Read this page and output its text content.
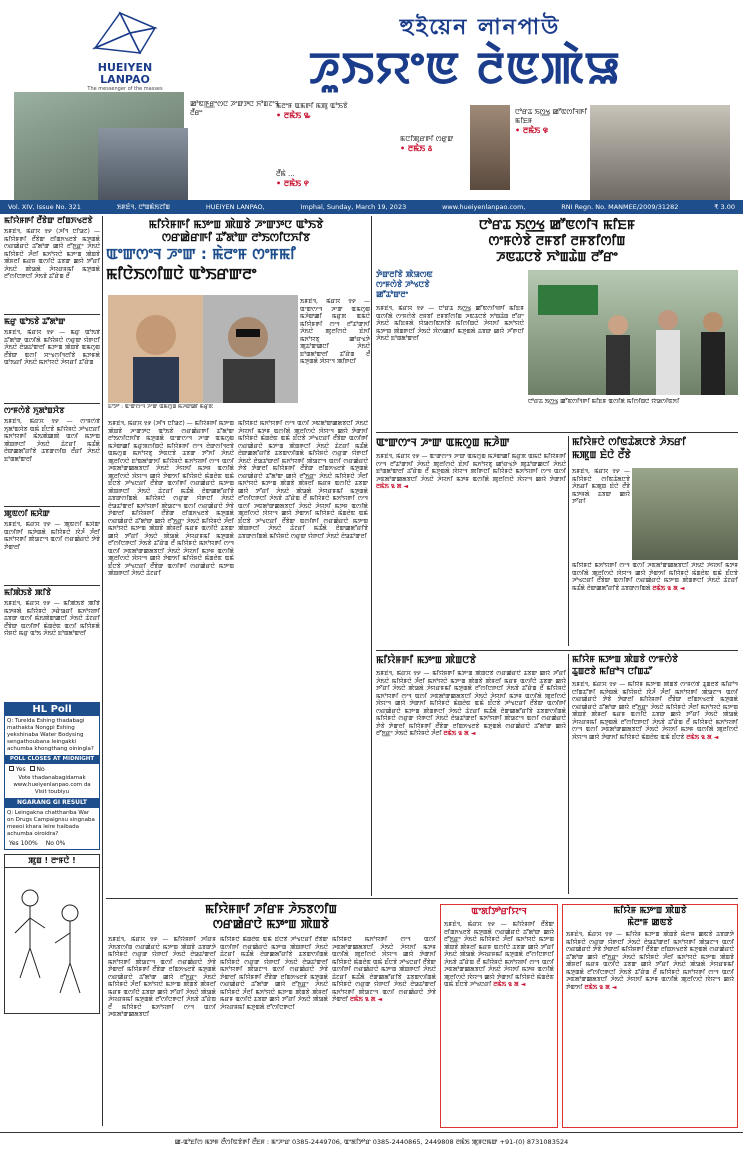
HUEIYEN
LANPAO
The messenger of the masses
হুইয়েন লানপাউ
ꯍꯨꯏꯌꯦꯟ ꯂꯥꯟꯄꯥꯎ
ꯀꯣꯟꯒ꯭ꯔꯦꯁꯅ ꯍꯦꯛꯇꯅ ꯈꯣꯡꯖꯦꯜ ꯂꯩꯔꯦ
ꯃꯂꯦꯝ ꯑꯃꯒꯤ ꯃꯄꯨ ꯑꯣꯏꯕꯥ
• ꯂꯃꯥꯏ ꯳
ꯃꯅꯤꯄꯨꯔꯒꯤ ꯁꯔꯨꯛ
• ꯂꯃꯥꯏ ꯴
ꯂꯩꯃꯥ ...
• ꯂꯃꯥꯏ ꯵
ꯅꯣꯔꯊ ꯏꯁ꯭ꯠ ꯀꯧꯟꯁꯤꯜꯒꯤ ꯃꯤꯐꯝ
• ꯂꯃꯥꯏ ꯶
Vol. XIV, Issue No. 321	ꯏꯝꯐꯥꯜ, ꯅꯣꯡꯃꯥꯏꯖꯤꯡ	HUEIYEN LANPAO,	Imphal, Sunday, March 19, 2023	www.hueiyenlanpao.com,	RNI Regn. No. MANMEE/2009/31282	₹ 3.00
ꯃꯤꯌꯥꯝꯒꯤ ꯂꯩꯕꯥꯛ ꯂꯤꯡꯈꯠꯂꯕꯥ
ꯏꯝꯐꯥꯜ, ꯃꯥꯔꯆ ꯱꯸ (ꯍꯤꯜ ꯅꯤꯎꯖ) — ꯃꯤꯌꯥꯝꯒꯤ ꯂꯩꯕꯥꯛ ꯂꯤꯡꯈꯠꯂꯕꯥ ꯃꯇꯨꯡꯗꯥ ꯁꯔꯀꯥꯔꯅꯥ ꯊꯧꯗꯣꯛ ꯀꯌꯥ ꯂꯧꯈ꯭ꯔꯦ ꯍꯥꯏꯅꯥ ꯃꯤꯌꯥꯝꯅꯥ ꯍꯪꯂꯤ ꯃꯈꯣꯌꯅꯥ ꯃꯇꯦꯡ ꯄꯥꯡꯕꯥ ꯄꯥꯝꯂꯤ ꯃꯔꯝ ꯑꯁꯤꯅꯥ ꯊꯕꯛ ꯀꯌꯥ ꯇꯧꯔꯤ ꯍꯥꯏꯅꯥ ꯄꯥꯎꯗꯥ ꯍꯥꯌꯔꯝꯃꯤ ꯃꯇꯨꯡꯗꯥ ꯂꯧꯁꯤꯅꯒꯅꯤ ꯍꯥꯏꯕꯥ ꯊꯧꯔꯥꯡ ꯂꯩ
ꯃꯔꯨ ꯑꯣꯏꯕꯥ ꯊꯧꯗꯣꯛ
ꯏꯝꯐꯥꯜ, ꯃꯥꯔꯆ ꯱꯸ — ꯃꯔꯨ ꯑꯣꯏꯕꯥ ꯊꯧꯗꯣꯛ ꯑꯁꯤꯗꯥ ꯃꯤꯌꯥꯝꯅꯥ ꯁꯔꯨꯛ ꯌꯥꯒꯅꯤ ꯍꯥꯏꯅꯥ ꯂꯥꯎꯊꯣꯛꯂꯤ ꯃꯇꯦꯡ ꯄꯥꯡꯕꯥ ꯑꯃꯁꯨꯡ ꯂꯩꯕꯥꯛ ꯑꯁꯤ ꯆꯦꯠꯁꯤꯜꯂꯤꯕꯥ ꯃꯇꯝꯗꯥ ꯑꯣꯏꯔꯤ ꯍꯥꯏꯅꯥ ꯃꯈꯣꯌꯅꯥ ꯍꯥꯌꯔꯤ ꯊꯧꯔꯥꯡ
ꯁꯦꯝꯁꯥꯕꯥ ꯈꯨꯗꯣꯡꯆꯥꯕ
ꯏꯝꯐꯥꯜ, ꯃꯥꯔꯆ ꯱꯸ — ꯁꯦꯝꯁꯥꯕꯥ ꯈꯨꯗꯣꯡꯆꯥꯕ ꯑꯃꯥ ꯐꯪꯅꯕꯥ ꯃꯤꯌꯥꯝꯅꯥ ꯍꯣꯠꯅꯔꯤ ꯃꯈꯣꯌꯒꯤ ꯃꯥꯏꯄꯥꯀꯄꯥ ꯑꯁꯤ ꯃꯇꯦꯡ ꯄꯥꯡꯒꯅꯤ ꯍꯥꯏꯅꯥ ꯊꯥꯖꯔꯤ ꯃꯊꯪꯗꯥ ꯂꯥꯛꯀꯗꯧꯔꯤꯕꯥ ꯊꯕꯛꯁꯤꯡ ꯂꯩꯔꯤ ꯍꯥꯏꯅꯥ ꯐꯣꯡꯗꯣꯛꯂꯤ
ꯄꯨꯟꯁꯤ ꯃꯆꯥꯛ
ꯏꯝꯐꯥꯜ, ꯃꯥꯔꯆ ꯱꯸ — ꯄꯨꯟꯁꯤ ꯃꯆꯥꯛ ꯑꯁꯤꯒꯤ ꯃꯇꯥꯡꯗꯥ ꯃꯤꯌꯥꯝꯅꯥ ꯋꯥꯍꯪ ꯍꯪꯂꯤ ꯃꯈꯣꯌꯒꯤ ꯄꯥꯎꯖꯦꯜ ꯑꯁꯤ ꯁꯔꯀꯥꯔꯅꯥ ꯇꯥꯕꯥ ꯇꯥꯛꯂꯤ
ꯃꯤꯄꯥꯏꯕꯥ ꯄꯤꯕꯥ
ꯏꯝꯐꯥꯜ, ꯃꯥꯔꯆ ꯱꯸ — ꯃꯤꯄꯥꯏꯕꯥ ꯄꯤꯕꯥ ꯃꯇꯝꯗꯥ ꯃꯤꯌꯥꯝꯅꯥ ꯍꯔꯥꯎꯔꯤ ꯃꯈꯣꯌꯒꯤ ꯊꯕꯛ ꯑꯁꯤ ꯃꯥꯏꯄꯥꯛꯀꯅꯤ ꯍꯥꯏꯅꯥ ꯊꯥꯖꯔꯤ ꯂꯩꯕꯥꯛ ꯑꯁꯤꯒꯤ ꯃꯥꯡꯂꯥꯟ ꯑꯁꯤ ꯃꯤꯌꯥꯝꯗꯥ ꯌꯥꯝꯅꯥ ꯃꯔꯨ ꯑꯣꯏ ꯍꯥꯏꯅꯥ ꯐꯣꯡꯗꯣꯛꯂꯤ
HL Poll
Q: Turelda Eshing thadabagi mathakta Nongpi Eshing yekshinaba Water Bodysing sengathoubana leingakki achumba khongthang oiningla?
POLL CLOSES AT MIDNIGHT
Yes	No
Vote thadanabagidamak www.hueiyenlanpao.com da Visit toubiyu
NGARANG GI RESULT
Q: Leingakna chatthariba War on Drugs Campaignsu singnaba meeoi khara leire haibada achumba oiroidra?
Yes 100% No 0%
ꯄꯨꯡ ! ꯂꯦꯝꯅꯥ !
ꯃꯤꯌꯥꯝꯒꯤ ꯃꯇꯦꯡ ꯄꯥꯡꯕꯥ ꯍꯦꯛꯇꯅ ꯑꯣꯏꯕꯥ
ꯁꯔꯀꯥꯔꯒꯤ ꯊꯧꯗꯣꯛ ꯂꯣꯏꯁꯤꯅꯈꯤꯕ
ꯑꯦꯛꯁꯦꯜ ꯍꯦꯛ : ꯃꯥꯂꯦꯝ ꯁꯦꯝꯃꯤ
ꯃꯤꯅꯥꯏꯁꯤꯡꯅꯥ ꯑꯣꯏꯔꯛꯂꯦ
ꯐꯣꯇꯣ : ꯑꯦꯛꯁꯦꯜ ꯍꯦꯛ ꯑꯃꯁꯨꯡ ꯃꯍꯥꯛꯀꯤ ꯃꯔꯨꯞ
ꯏꯝꯐꯥꯜ, ꯃꯥꯔꯆ ꯱꯸ — ꯑꯦꯛꯁꯦꯜ ꯍꯦꯛ ꯑꯃꯁꯨꯡ ꯃꯍꯥꯛꯀꯤ ꯃꯔꯨꯞ ꯑꯃꯅꯥ ꯃꯤꯌꯥꯝꯒꯤ ꯁꯦꯜ ꯂꯧꯊꯣꯛꯈꯤ ꯍꯥꯏꯅꯥ ꯄꯨꯂꯤꯁꯅꯥ ꯐꯥꯈꯤ ꯃꯈꯣꯌꯕꯨ ꯀꯣꯔꯠꯇꯥ ꯄꯨꯊꯣꯛꯀꯅꯤ ꯍꯥꯏꯅꯥ ꯐꯣꯡꯗꯣꯛꯂꯤ ꯊꯧꯔꯥꯡ ꯂꯩ ꯃꯇꯨꯡꯗꯥ ꯋꯥꯌꯦꯜ ꯄꯤꯒꯅꯤ
ꯏꯝꯐꯥꯜ, ꯃꯥꯔꯆ ꯱꯸ (ꯍꯤꯜ ꯅꯤꯎꯖ) — ꯃꯤꯌꯥꯝꯒꯤ ꯃꯇꯦꯡ ꯄꯥꯡꯕꯥ ꯍꯦꯛꯇꯅ ꯑꯣꯏꯕꯥ ꯁꯔꯀꯥꯔꯒꯤ ꯊꯧꯗꯣꯛ ꯂꯣꯏꯁꯤꯅꯈꯤꯕ ꯃꯇꯨꯡꯗꯥ ꯑꯦꯛꯁꯦꯜ ꯍꯦꯛ ꯑꯃꯁꯨꯡ ꯃꯍꯥꯛꯀꯤ ꯃꯔꯨꯞꯁꯤꯡꯅꯥ ꯃꯤꯌꯥꯝꯒꯤ ꯁꯦꯜ ꯂꯥꯛꯁꯤꯜꯂꯕꯥ ꯑꯃꯁꯨꯡ ꯃꯈꯣꯌꯕꯨ ꯇꯥꯟꯅꯕꯥ ꯊꯕꯛ ꯇꯧꯈꯤ ꯍꯥꯏꯅꯥ ꯄꯨꯂꯤꯁꯅꯥ ꯐꯣꯡꯗꯣꯛꯈꯤ ꯃꯤꯌꯥꯝꯅꯥ ꯃꯈꯣꯌꯒꯤ ꯁꯦꯜ ꯑꯁꯤ ꯍꯟꯗꯣꯛꯀꯗꯕꯅꯤ ꯍꯥꯏꯅꯥ ꯍꯥꯌꯈꯤ ꯃꯇꯝ ꯑꯁꯤꯗꯥ ꯄꯨꯂꯤꯁꯅꯥ ꯋꯥꯌꯦꯜ ꯀꯌꯥ ꯇꯥꯛꯈꯤ ꯃꯤꯌꯥꯝꯅꯥ ꯃꯥꯡꯂꯥꯟ ꯑꯃꯥ ꯐꯪꯅꯕꯥ ꯍꯣꯠꯅꯔꯤ ꯂꯩꯕꯥꯛ ꯑꯁꯤꯒꯤ ꯁꯔꯀꯥꯔꯅꯥ ꯃꯇꯦꯡ ꯄꯥꯡꯒꯅꯤ ꯍꯥꯏꯅꯥ ꯊꯥꯖꯔꯤ ꯃꯊꯪꯗꯥ ꯂꯥꯛꯀꯗꯧꯔꯤꯕꯥ ꯊꯕꯛꯁꯤꯡꯗꯥ ꯃꯤꯌꯥꯝꯅꯥ ꯁꯔꯨꯛ ꯌꯥꯒꯅꯤ ꯍꯥꯏꯅꯥ ꯂꯥꯎꯊꯣꯛꯂꯤ ꯃꯈꯣꯌꯒꯤ ꯄꯥꯎꯖꯦꯜ ꯑꯁꯤ ꯁꯔꯀꯥꯔꯅꯥ ꯇꯥꯕꯥ ꯇꯥꯛꯂꯤ ꯃꯤꯌꯥꯝꯒꯤ ꯂꯩꯕꯥꯛ ꯂꯤꯡꯈꯠꯂꯕꯥ ꯃꯇꯨꯡꯗꯥ ꯁꯔꯀꯥꯔꯅꯥ ꯊꯧꯗꯣꯛ ꯀꯌꯥ ꯂꯧꯈ꯭ꯔꯦ ꯍꯥꯏꯅꯥ ꯃꯤꯌꯥꯝꯅꯥ ꯍꯪꯂꯤ ꯃꯈꯣꯌꯅꯥ ꯃꯇꯦꯡ ꯄꯥꯡꯕꯥ ꯄꯥꯝꯂꯤ ꯃꯔꯝ ꯑꯁꯤꯅꯥ ꯊꯕꯛ ꯀꯌꯥ ꯇꯧꯔꯤ ꯍꯥꯏꯅꯥ ꯄꯥꯎꯗꯥ ꯍꯥꯌꯔꯝꯃꯤ ꯃꯇꯨꯡꯗꯥ ꯂꯧꯁꯤꯅꯒꯅꯤ ꯍꯥꯏꯕꯥ ꯊꯧꯔꯥꯡ ꯂꯩ ꯃꯤꯌꯥꯝꯅꯥ ꯃꯈꯣꯌꯒꯤ ꯁꯦꯜ ꯑꯁꯤ ꯍꯟꯗꯣꯛꯀꯗꯕꯅꯤ ꯍꯥꯏꯅꯥ ꯍꯥꯌꯈꯤ ꯃꯇꯝ ꯑꯁꯤꯗꯥ ꯄꯨꯂꯤꯁꯅꯥ ꯋꯥꯌꯦꯜ ꯀꯌꯥ ꯇꯥꯛꯈꯤ ꯃꯤꯌꯥꯝꯅꯥ ꯃꯥꯡꯂꯥꯟ ꯑꯃꯥ ꯐꯪꯅꯕꯥ ꯍꯣꯠꯅꯔꯤ ꯂꯩꯕꯥꯛ ꯑꯁꯤꯒꯤ ꯁꯔꯀꯥꯔꯅꯥ ꯃꯇꯦꯡ ꯄꯥꯡꯒꯅꯤ ꯍꯥꯏꯅꯥ ꯊꯥꯖꯔꯤ
ꯃꯤꯌꯥꯝꯅꯥ ꯃꯈꯣꯌꯒꯤ ꯁꯦꯜ ꯑꯁꯤ ꯍꯟꯗꯣꯛꯀꯗꯕꯅꯤ ꯍꯥꯏꯅꯥ ꯍꯥꯌꯈꯤ ꯃꯇꯝ ꯑꯁꯤꯗꯥ ꯄꯨꯂꯤꯁꯅꯥ ꯋꯥꯌꯦꯜ ꯀꯌꯥ ꯇꯥꯛꯈꯤ ꯃꯤꯌꯥꯝꯅꯥ ꯃꯥꯡꯂꯥꯟ ꯑꯃꯥ ꯐꯪꯅꯕꯥ ꯍꯣꯠꯅꯔꯤ ꯂꯩꯕꯥꯛ ꯑꯁꯤꯒꯤ ꯁꯔꯀꯥꯔꯅꯥ ꯃꯇꯦꯡ ꯄꯥꯡꯒꯅꯤ ꯍꯥꯏꯅꯥ ꯊꯥꯖꯔꯤ ꯃꯊꯪꯗꯥ ꯂꯥꯛꯀꯗꯧꯔꯤꯕꯥ ꯊꯕꯛꯁꯤꯡꯗꯥ ꯃꯤꯌꯥꯝꯅꯥ ꯁꯔꯨꯛ ꯌꯥꯒꯅꯤ ꯍꯥꯏꯅꯥ ꯂꯥꯎꯊꯣꯛꯂꯤ ꯃꯈꯣꯌꯒꯤ ꯄꯥꯎꯖꯦꯜ ꯑꯁꯤ ꯁꯔꯀꯥꯔꯅꯥ ꯇꯥꯕꯥ ꯇꯥꯛꯂꯤ ꯃꯤꯌꯥꯝꯒꯤ ꯂꯩꯕꯥꯛ ꯂꯤꯡꯈꯠꯂꯕꯥ ꯃꯇꯨꯡꯗꯥ ꯁꯔꯀꯥꯔꯅꯥ ꯊꯧꯗꯣꯛ ꯀꯌꯥ ꯂꯧꯈ꯭ꯔꯦ ꯍꯥꯏꯅꯥ ꯃꯤꯌꯥꯝꯅꯥ ꯍꯪꯂꯤ ꯃꯈꯣꯌꯅꯥ ꯃꯇꯦꯡ ꯄꯥꯡꯕꯥ ꯄꯥꯝꯂꯤ ꯃꯔꯝ ꯑꯁꯤꯅꯥ ꯊꯕꯛ ꯀꯌꯥ ꯇꯧꯔꯤ ꯍꯥꯏꯅꯥ ꯄꯥꯎꯗꯥ ꯍꯥꯌꯔꯝꯃꯤ ꯃꯇꯨꯡꯗꯥ ꯂꯧꯁꯤꯅꯒꯅꯤ ꯍꯥꯏꯕꯥ ꯊꯧꯔꯥꯡ ꯂꯩ ꯃꯤꯌꯥꯝꯅꯥ ꯃꯈꯣꯌꯒꯤ ꯁꯦꯜ ꯑꯁꯤ ꯍꯟꯗꯣꯛꯀꯗꯕꯅꯤ ꯍꯥꯏꯅꯥ ꯍꯥꯌꯈꯤ ꯃꯇꯝ ꯑꯁꯤꯗꯥ ꯄꯨꯂꯤꯁꯅꯥ ꯋꯥꯌꯦꯜ ꯀꯌꯥ ꯇꯥꯛꯈꯤ ꯃꯤꯌꯥꯝꯅꯥ ꯃꯥꯡꯂꯥꯟ ꯑꯃꯥ ꯐꯪꯅꯕꯥ ꯍꯣꯠꯅꯔꯤ ꯂꯩꯕꯥꯛ ꯑꯁꯤꯒꯤ ꯁꯔꯀꯥꯔꯅꯥ ꯃꯇꯦꯡ ꯄꯥꯡꯒꯅꯤ ꯍꯥꯏꯅꯥ ꯊꯥꯖꯔꯤ ꯃꯊꯪꯗꯥ ꯂꯥꯛꯀꯗꯧꯔꯤꯕꯥ ꯊꯕꯛꯁꯤꯡꯗꯥ ꯃꯤꯌꯥꯝꯅꯥ ꯁꯔꯨꯛ ꯌꯥꯒꯅꯤ ꯍꯥꯏꯅꯥ ꯂꯥꯎꯊꯣꯛꯂꯤ
ꯅꯣꯔꯊ ꯏꯁ꯭ꯠ ꯀꯧꯟꯁꯤꯜ ꯃꯤꯐꯝ
ꯁꯦꯝꯁꯥꯕꯥ ꯂꯝꯕꯤ ꯂꯝꯕꯤꯁꯤꯡ
ꯍꯟꯊꯅꯕꯥ ꯈꯣꯡꯊꯥꯡ ꯂꯧꯔꯦ
ꯇꯥꯛꯂꯤꯕꯥ ꯄꯥꯎꯁꯟ
ꯁꯦꯝꯁꯥꯕꯥ ꯍꯣꯠꯅꯕꯥ
ꯀꯧꯊꯣꯛꯂꯦ
ꯏꯝꯐꯥꯜ, ꯃꯥꯔꯆ ꯱꯸ — ꯅꯣꯔꯊ ꯏꯁ꯭ꯠ ꯀꯧꯟꯁꯤꯜꯒꯤ ꯃꯤꯐꯝ ꯑꯁꯤꯗꯥ ꯁꯦꯝꯁꯥꯕꯥ ꯂꯝꯕꯤ ꯂꯝꯕꯤꯁꯤꯡ ꯍꯟꯊꯅꯕꯥ ꯈꯣꯡꯊꯥꯡ ꯂꯧꯔꯦ ꯍꯥꯏꯅꯥ ꯃꯤꯐꯝꯗꯥ ꯌꯥꯎꯁꯤꯟꯈꯤꯕꯥ ꯃꯤꯁꯤꯡꯅꯥ ꯍꯥꯌꯈꯤ ꯃꯈꯣꯌꯅꯥ ꯃꯇꯦꯡ ꯄꯥꯡꯒꯅꯤ ꯍꯥꯏꯅꯥ ꯋꯥꯁꯀꯈꯤ ꯃꯇꯨꯡꯗꯥ ꯊꯕꯛ ꯀꯌꯥ ꯍꯧꯒꯅꯤ ꯍꯥꯏꯅꯥ ꯐꯣꯡꯗꯣꯛꯂꯤ
ꯅꯣꯔꯊ ꯏꯁ꯭ꯠ ꯀꯧꯟꯁꯤꯜꯒꯤ ꯃꯤꯐꯝ ꯑꯁꯤꯗꯥ ꯃꯤꯁꯤꯡꯅꯥ ꯌꯥꯎꯁꯤꯟꯈꯤ
ꯑꯦꯛꯁꯦꯜ ꯍꯦꯛ ꯑꯃꯁꯨꯡ ꯃꯍꯥꯛ
ꯏꯝꯐꯥꯜ, ꯃꯥꯔꯆ ꯱꯸ — ꯑꯦꯛꯁꯦꯜ ꯍꯦꯛ ꯑꯃꯁꯨꯡ ꯃꯍꯥꯛꯀꯤ ꯃꯔꯨꯞ ꯑꯃꯅꯥ ꯃꯤꯌꯥꯝꯒꯤ ꯁꯦꯜ ꯂꯧꯊꯣꯛꯈꯤ ꯍꯥꯏꯅꯥ ꯄꯨꯂꯤꯁꯅꯥ ꯐꯥꯈꯤ ꯃꯈꯣꯌꯕꯨ ꯀꯣꯔꯠꯇꯥ ꯄꯨꯊꯣꯛꯀꯅꯤ ꯍꯥꯏꯅꯥ ꯐꯣꯡꯗꯣꯛꯂꯤ ꯊꯧꯔꯥꯡ ꯂꯩ ꯃꯇꯨꯡꯗꯥ ꯋꯥꯌꯦꯜ ꯄꯤꯒꯅꯤ ꯃꯤꯌꯥꯝꯅꯥ ꯃꯈꯣꯌꯒꯤ ꯁꯦꯜ ꯑꯁꯤ ꯍꯟꯗꯣꯛꯀꯗꯕꯅꯤ ꯍꯥꯏꯅꯥ ꯍꯥꯌꯈꯤ ꯃꯇꯝ ꯑꯁꯤꯗꯥ ꯄꯨꯂꯤꯁꯅꯥ ꯋꯥꯌꯦꯜ ꯀꯌꯥ ꯇꯥꯛꯈꯤ ꯂꯃꯥꯏ ꯲ ꯗ ◄
ꯃꯤꯌꯥꯝꯅꯥ ꯁꯤꯟꯊꯥꯗꯅꯕꯥ ꯍꯥꯏꯔꯤ
ꯃꯄꯨꯡ ꯐꯥꯅꯥ ꯂꯩꯕꯥ
ꯏꯝꯐꯥꯜ, ꯃꯥꯔꯆ ꯱꯸ — ꯃꯤꯌꯥꯝꯅꯥ ꯁꯤꯟꯊꯥꯗꯅꯕꯥ ꯍꯥꯏꯔꯤ ꯃꯄꯨꯡ ꯐꯥꯅꯥ ꯂꯩꯕꯥ ꯃꯇꯝꯗꯥ ꯊꯕꯛ ꯀꯌꯥ ꯇꯧꯔꯤ
ꯃꯤꯌꯥꯝꯅꯥ ꯃꯈꯣꯌꯒꯤ ꯁꯦꯜ ꯑꯁꯤ ꯍꯟꯗꯣꯛꯀꯗꯕꯅꯤ ꯍꯥꯏꯅꯥ ꯍꯥꯌꯈꯤ ꯃꯇꯝ ꯑꯁꯤꯗꯥ ꯄꯨꯂꯤꯁꯅꯥ ꯋꯥꯌꯦꯜ ꯀꯌꯥ ꯇꯥꯛꯈꯤ ꯃꯤꯌꯥꯝꯅꯥ ꯃꯥꯡꯂꯥꯟ ꯑꯃꯥ ꯐꯪꯅꯕꯥ ꯍꯣꯠꯅꯔꯤ ꯂꯩꯕꯥꯛ ꯑꯁꯤꯒꯤ ꯁꯔꯀꯥꯔꯅꯥ ꯃꯇꯦꯡ ꯄꯥꯡꯒꯅꯤ ꯍꯥꯏꯅꯥ ꯊꯥꯖꯔꯤ ꯃꯊꯪꯗꯥ ꯂꯥꯛꯀꯗꯧꯔꯤꯕꯥ ꯊꯕꯛꯁꯤꯡꯗꯥ ꯂꯃꯥꯏ ꯲ ꯗ ◄
ꯃꯤꯌꯥꯝꯒꯤ ꯃꯇꯦꯡ ꯄꯥꯡꯅꯕꯥ
ꯏꯝꯐꯥꯜ, ꯃꯥꯔꯆ ꯱꯸ — ꯃꯤꯌꯥꯝꯒꯤ ꯃꯇꯦꯡ ꯄꯥꯡꯅꯕꯥ ꯁꯔꯀꯥꯔꯅꯥ ꯊꯕꯛ ꯀꯌꯥ ꯍꯧꯔꯤ ꯍꯥꯏꯅꯥ ꯃꯤꯌꯥꯝꯅꯥ ꯍꯪꯂꯤ ꯃꯈꯣꯌꯅꯥ ꯃꯇꯦꯡ ꯄꯥꯡꯕꯥ ꯄꯥꯝꯂꯤ ꯃꯔꯝ ꯑꯁꯤꯅꯥ ꯊꯕꯛ ꯀꯌꯥ ꯇꯧꯔꯤ ꯍꯥꯏꯅꯥ ꯄꯥꯎꯗꯥ ꯍꯥꯌꯔꯝꯃꯤ ꯃꯇꯨꯡꯗꯥ ꯂꯧꯁꯤꯅꯒꯅꯤ ꯍꯥꯏꯕꯥ ꯊꯧꯔꯥꯡ ꯂꯩ ꯃꯤꯌꯥꯝꯅꯥ ꯃꯈꯣꯌꯒꯤ ꯁꯦꯜ ꯑꯁꯤ ꯍꯟꯗꯣꯛꯀꯗꯕꯅꯤ ꯍꯥꯏꯅꯥ ꯍꯥꯌꯈꯤ ꯃꯇꯝ ꯑꯁꯤꯗꯥ ꯄꯨꯂꯤꯁꯅꯥ ꯋꯥꯌꯦꯜ ꯀꯌꯥ ꯇꯥꯛꯈꯤ ꯃꯤꯌꯥꯝꯅꯥ ꯃꯥꯡꯂꯥꯟ ꯑꯃꯥ ꯐꯪꯅꯕꯥ ꯍꯣꯠꯅꯔꯤ ꯂꯩꯕꯥꯛ ꯑꯁꯤꯒꯤ ꯁꯔꯀꯥꯔꯅꯥ ꯃꯇꯦꯡ ꯄꯥꯡꯒꯅꯤ ꯍꯥꯏꯅꯥ ꯊꯥꯖꯔꯤ ꯃꯊꯪꯗꯥ ꯂꯥꯛꯀꯗꯧꯔꯤꯕꯥ ꯊꯕꯛꯁꯤꯡꯗꯥ ꯃꯤꯌꯥꯝꯅꯥ ꯁꯔꯨꯛ ꯌꯥꯒꯅꯤ ꯍꯥꯏꯅꯥ ꯂꯥꯎꯊꯣꯛꯂꯤ ꯃꯈꯣꯌꯒꯤ ꯄꯥꯎꯖꯦꯜ ꯑꯁꯤ ꯁꯔꯀꯥꯔꯅꯥ ꯇꯥꯕꯥ ꯇꯥꯛꯂꯤ ꯃꯤꯌꯥꯝꯒꯤ ꯂꯩꯕꯥꯛ ꯂꯤꯡꯈꯠꯂꯕꯥ ꯃꯇꯨꯡꯗꯥ ꯁꯔꯀꯥꯔꯅꯥ ꯊꯧꯗꯣꯛ ꯀꯌꯥ ꯂꯧꯈ꯭ꯔꯦ ꯍꯥꯏꯅꯥ ꯃꯤꯌꯥꯝꯅꯥ ꯍꯪꯂꯤ ꯂꯃꯥꯏ ꯲ ꯗ ◄
ꯃꯤꯌꯥꯝ ꯃꯇꯦꯡ ꯄꯥꯡꯕꯥ ꯁꯦꯝꯁꯥꯕꯥ
ꯊꯨꯡꯂꯕꯥ ꯃꯤꯔꯣꯜ ꯅꯤꯡꯊꯧ
ꯏꯝꯐꯥꯜ, ꯃꯥꯔꯆ ꯱꯸ — ꯃꯤꯌꯥꯝ ꯃꯇꯦꯡ ꯄꯥꯡꯕꯥ ꯁꯦꯝꯁꯥꯕꯥ ꯊꯨꯡꯂꯕꯥ ꯃꯤꯔꯣꯜ ꯅꯤꯡꯊꯧꯒꯤ ꯃꯇꯥꯡꯗꯥ ꯃꯤꯌꯥꯝꯅꯥ ꯋꯥꯍꯪ ꯍꯪꯂꯤ ꯃꯈꯣꯌꯒꯤ ꯄꯥꯎꯖꯦꯜ ꯑꯁꯤ ꯁꯔꯀꯥꯔꯅꯥ ꯇꯥꯕꯥ ꯇꯥꯛꯂꯤ ꯃꯤꯌꯥꯝꯒꯤ ꯂꯩꯕꯥꯛ ꯂꯤꯡꯈꯠꯂꯕꯥ ꯃꯇꯨꯡꯗꯥ ꯁꯔꯀꯥꯔꯅꯥ ꯊꯧꯗꯣꯛ ꯀꯌꯥ ꯂꯧꯈ꯭ꯔꯦ ꯍꯥꯏꯅꯥ ꯃꯤꯌꯥꯝꯅꯥ ꯍꯪꯂꯤ ꯃꯈꯣꯌꯅꯥ ꯃꯇꯦꯡ ꯄꯥꯡꯕꯥ ꯄꯥꯝꯂꯤ ꯃꯔꯝ ꯑꯁꯤꯅꯥ ꯊꯕꯛ ꯀꯌꯥ ꯇꯧꯔꯤ ꯍꯥꯏꯅꯥ ꯄꯥꯎꯗꯥ ꯍꯥꯌꯔꯝꯃꯤ ꯃꯇꯨꯡꯗꯥ ꯂꯧꯁꯤꯅꯒꯅꯤ ꯍꯥꯏꯕꯥ ꯊꯧꯔꯥꯡ ꯂꯩ ꯃꯤꯌꯥꯝꯅꯥ ꯃꯈꯣꯌꯒꯤ ꯁꯦꯜ ꯑꯁꯤ ꯍꯟꯗꯣꯛꯀꯗꯕꯅꯤ ꯍꯥꯏꯅꯥ ꯍꯥꯌꯈꯤ ꯃꯇꯝ ꯑꯁꯤꯗꯥ ꯄꯨꯂꯤꯁꯅꯥ ꯋꯥꯌꯦꯜ ꯀꯌꯥ ꯇꯥꯛꯈꯤ ꯃꯤꯌꯥꯝꯅꯥ ꯃꯥꯡꯂꯥꯟ ꯑꯃꯥ ꯐꯪꯅꯕꯥ ꯂꯃꯥꯏ ꯲ ꯗ ◄
ꯃꯤꯌꯥꯝꯒꯤ ꯍꯤꯔꯝ ꯍꯥꯏꯕꯁꯤꯡ
ꯁꯔꯀꯥꯔꯅꯥ ꯃꯇꯦꯡ ꯄꯥꯡꯕꯥ
ꯏꯝꯐꯥꯜ, ꯃꯥꯔꯆ ꯱꯸ — ꯃꯤꯌꯥꯝꯒꯤ ꯍꯤꯔꯝ ꯍꯥꯏꯕꯁꯤꯡ ꯁꯔꯀꯥꯔꯅꯥ ꯃꯇꯦꯡ ꯄꯥꯡꯕꯥ ꯊꯕꯛꯇꯥ ꯃꯤꯌꯥꯝꯅꯥ ꯁꯔꯨꯛ ꯌꯥꯒꯅꯤ ꯍꯥꯏꯅꯥ ꯂꯥꯎꯊꯣꯛꯂꯤ ꯃꯈꯣꯌꯒꯤ ꯄꯥꯎꯖꯦꯜ ꯑꯁꯤ ꯁꯔꯀꯥꯔꯅꯥ ꯇꯥꯕꯥ ꯇꯥꯛꯂꯤ ꯃꯤꯌꯥꯝꯒꯤ ꯂꯩꯕꯥꯛ ꯂꯤꯡꯈꯠꯂꯕꯥ ꯃꯇꯨꯡꯗꯥ ꯁꯔꯀꯥꯔꯅꯥ ꯊꯧꯗꯣꯛ ꯀꯌꯥ ꯂꯧꯈ꯭ꯔꯦ ꯍꯥꯏꯅꯥ ꯃꯤꯌꯥꯝꯅꯥ ꯍꯪꯂꯤ ꯃꯈꯣꯌꯅꯥ ꯃꯇꯦꯡ ꯄꯥꯡꯕꯥ ꯄꯥꯝꯂꯤ ꯃꯔꯝ ꯑꯁꯤꯅꯥ ꯊꯕꯛ ꯀꯌꯥ ꯇꯧꯔꯤ ꯍꯥꯏꯅꯥ ꯄꯥꯎꯗꯥ ꯍꯥꯌꯔꯝꯃꯤ ꯃꯇꯨꯡꯗꯥ ꯂꯧꯁꯤꯅꯒꯅꯤ ꯍꯥꯏꯕꯥ ꯊꯧꯔꯥꯡ ꯂꯩ ꯃꯤꯌꯥꯝꯅꯥ ꯃꯈꯣꯌꯒꯤ ꯁꯦꯜ ꯑꯁꯤ ꯍꯟꯗꯣꯛꯀꯗꯕꯅꯤ
ꯃꯤꯌꯥꯝꯅꯥ ꯃꯥꯡꯂꯥꯟ ꯑꯃꯥ ꯐꯪꯅꯕꯥ ꯍꯣꯠꯅꯔꯤ ꯂꯩꯕꯥꯛ ꯑꯁꯤꯒꯤ ꯁꯔꯀꯥꯔꯅꯥ ꯃꯇꯦꯡ ꯄꯥꯡꯒꯅꯤ ꯍꯥꯏꯅꯥ ꯊꯥꯖꯔꯤ ꯃꯊꯪꯗꯥ ꯂꯥꯛꯀꯗꯧꯔꯤꯕꯥ ꯊꯕꯛꯁꯤꯡꯗꯥ ꯃꯤꯌꯥꯝꯅꯥ ꯁꯔꯨꯛ ꯌꯥꯒꯅꯤ ꯍꯥꯏꯅꯥ ꯂꯥꯎꯊꯣꯛꯂꯤ ꯃꯈꯣꯌꯒꯤ ꯄꯥꯎꯖꯦꯜ ꯑꯁꯤ ꯁꯔꯀꯥꯔꯅꯥ ꯇꯥꯕꯥ ꯇꯥꯛꯂꯤ ꯃꯤꯌꯥꯝꯒꯤ ꯂꯩꯕꯥꯛ ꯂꯤꯡꯈꯠꯂꯕꯥ ꯃꯇꯨꯡꯗꯥ ꯁꯔꯀꯥꯔꯅꯥ ꯊꯧꯗꯣꯛ ꯀꯌꯥ ꯂꯧꯈ꯭ꯔꯦ ꯍꯥꯏꯅꯥ ꯃꯤꯌꯥꯝꯅꯥ ꯍꯪꯂꯤ ꯃꯈꯣꯌꯅꯥ ꯃꯇꯦꯡ ꯄꯥꯡꯕꯥ ꯄꯥꯝꯂꯤ ꯃꯔꯝ ꯑꯁꯤꯅꯥ ꯊꯕꯛ ꯀꯌꯥ ꯇꯧꯔꯤ ꯍꯥꯏꯅꯥ ꯄꯥꯎꯗꯥ ꯍꯥꯌꯔꯝꯃꯤ ꯃꯇꯨꯡꯗꯥ ꯂꯧꯁꯤꯅꯒꯅꯤ
ꯃꯤꯌꯥꯝꯅꯥ ꯃꯈꯣꯌꯒꯤ ꯁꯦꯜ ꯑꯁꯤ ꯍꯟꯗꯣꯛꯀꯗꯕꯅꯤ ꯍꯥꯏꯅꯥ ꯍꯥꯌꯈꯤ ꯃꯇꯝ ꯑꯁꯤꯗꯥ ꯄꯨꯂꯤꯁꯅꯥ ꯋꯥꯌꯦꯜ ꯀꯌꯥ ꯇꯥꯛꯈꯤ ꯃꯤꯌꯥꯝꯅꯥ ꯃꯥꯡꯂꯥꯟ ꯑꯃꯥ ꯐꯪꯅꯕꯥ ꯍꯣꯠꯅꯔꯤ ꯂꯩꯕꯥꯛ ꯑꯁꯤꯒꯤ ꯁꯔꯀꯥꯔꯅꯥ ꯃꯇꯦꯡ ꯄꯥꯡꯒꯅꯤ ꯍꯥꯏꯅꯥ ꯊꯥꯖꯔꯤ ꯃꯊꯪꯗꯥ ꯂꯥꯛꯀꯗꯧꯔꯤꯕꯥ ꯊꯕꯛꯁꯤꯡꯗꯥ ꯃꯤꯌꯥꯝꯅꯥ ꯁꯔꯨꯛ ꯌꯥꯒꯅꯤ ꯍꯥꯏꯅꯥ ꯂꯥꯎꯊꯣꯛꯂꯤ ꯃꯈꯣꯌꯒꯤ ꯄꯥꯎꯖꯦꯜ ꯑꯁꯤ ꯁꯔꯀꯥꯔꯅꯥ ꯇꯥꯕꯥ ꯇꯥꯛꯂꯤ ꯂꯃꯥꯏ ꯲ ꯗ ◄
ꯑꯦꯗꯤꯇꯣꯔꯤꯌꯦꯜ
ꯏꯝꯐꯥꯜ, ꯃꯥꯔꯆ ꯱꯸ — ꯃꯤꯌꯥꯝꯒꯤ ꯂꯩꯕꯥꯛ ꯂꯤꯡꯈꯠꯂꯕꯥ ꯃꯇꯨꯡꯗꯥ ꯁꯔꯀꯥꯔꯅꯥ ꯊꯧꯗꯣꯛ ꯀꯌꯥ ꯂꯧꯈ꯭ꯔꯦ ꯍꯥꯏꯅꯥ ꯃꯤꯌꯥꯝꯅꯥ ꯍꯪꯂꯤ ꯃꯈꯣꯌꯅꯥ ꯃꯇꯦꯡ ꯄꯥꯡꯕꯥ ꯄꯥꯝꯂꯤ ꯃꯔꯝ ꯑꯁꯤꯅꯥ ꯊꯕꯛ ꯀꯌꯥ ꯇꯧꯔꯤ ꯍꯥꯏꯅꯥ ꯄꯥꯎꯗꯥ ꯍꯥꯌꯔꯝꯃꯤ ꯃꯇꯨꯡꯗꯥ ꯂꯧꯁꯤꯅꯒꯅꯤ ꯍꯥꯏꯕꯥ ꯊꯧꯔꯥꯡ ꯂꯩ ꯃꯤꯌꯥꯝꯅꯥ ꯃꯈꯣꯌꯒꯤ ꯁꯦꯜ ꯑꯁꯤ ꯍꯟꯗꯣꯛꯀꯗꯕꯅꯤ ꯍꯥꯏꯅꯥ ꯍꯥꯌꯈꯤ ꯃꯇꯝ ꯑꯁꯤꯗꯥ ꯄꯨꯂꯤꯁꯅꯥ ꯋꯥꯌꯦꯜ ꯀꯌꯥ ꯇꯥꯛꯈꯤ ꯃꯤꯌꯥꯝꯅꯥ ꯃꯥꯡꯂꯥꯟ ꯑꯃꯥ ꯐꯪꯅꯕꯥ ꯍꯣꯠꯅꯔꯤ ꯂꯃꯥꯏ ꯲ ꯗ ◄
ꯃꯤꯌꯥꯝ ꯃꯇꯦꯡ ꯄꯥꯡꯕꯥ
ꯃꯥꯂꯦꯝ ꯀꯟꯕꯥ
ꯏꯝꯐꯥꯜ, ꯃꯥꯔꯆ ꯱꯸ — ꯃꯤꯌꯥꯝ ꯃꯇꯦꯡ ꯄꯥꯡꯕꯥ ꯃꯥꯂꯦꯝ ꯀꯟꯕꯥ ꯊꯕꯛꯇꯥ ꯃꯤꯌꯥꯝꯅꯥ ꯁꯔꯨꯛ ꯌꯥꯒꯅꯤ ꯍꯥꯏꯅꯥ ꯂꯥꯎꯊꯣꯛꯂꯤ ꯃꯈꯣꯌꯒꯤ ꯄꯥꯎꯖꯦꯜ ꯑꯁꯤ ꯁꯔꯀꯥꯔꯅꯥ ꯇꯥꯕꯥ ꯇꯥꯛꯂꯤ ꯃꯤꯌꯥꯝꯒꯤ ꯂꯩꯕꯥꯛ ꯂꯤꯡꯈꯠꯂꯕꯥ ꯃꯇꯨꯡꯗꯥ ꯁꯔꯀꯥꯔꯅꯥ ꯊꯧꯗꯣꯛ ꯀꯌꯥ ꯂꯧꯈ꯭ꯔꯦ ꯍꯥꯏꯅꯥ ꯃꯤꯌꯥꯝꯅꯥ ꯍꯪꯂꯤ ꯃꯈꯣꯌꯅꯥ ꯃꯇꯦꯡ ꯄꯥꯡꯕꯥ ꯄꯥꯝꯂꯤ ꯃꯔꯝ ꯑꯁꯤꯅꯥ ꯊꯕꯛ ꯀꯌꯥ ꯇꯧꯔꯤ ꯍꯥꯏꯅꯥ ꯄꯥꯎꯗꯥ ꯍꯥꯌꯔꯝꯃꯤ ꯃꯇꯨꯡꯗꯥ ꯂꯧꯁꯤꯅꯒꯅꯤ ꯍꯥꯏꯕꯥ ꯊꯧꯔꯥꯡ ꯂꯩ ꯃꯤꯌꯥꯝꯅꯥ ꯃꯈꯣꯌꯒꯤ ꯁꯦꯜ ꯑꯁꯤ ꯍꯟꯗꯣꯛꯀꯗꯕꯅꯤ ꯍꯥꯏꯅꯥ ꯍꯥꯌꯈꯤ ꯃꯇꯝ ꯑꯁꯤꯗꯥ ꯄꯨꯂꯤꯁꯅꯥ ꯋꯥꯌꯦꯜ ꯀꯌꯥ ꯇꯥꯛꯈꯤ ꯂꯃꯥꯏ ꯲ ꯗ ◄
ꯀ-ꯑꯣꯐꯤꯁ ꯃꯇꯝ ꯂꯩꯁꯤꯟꯕꯥꯒꯤ ꯂꯩꯐꯝ : ꯃꯦꯍꯦꯔ 0385-2449706, ꯑꯦꯗꯤꯇꯣꯔ 0385-2440865, 2449808 ꯂꯃꯥꯏ ꯄꯨꯝꯅꯃꯛ +91-(0) 8731083524
